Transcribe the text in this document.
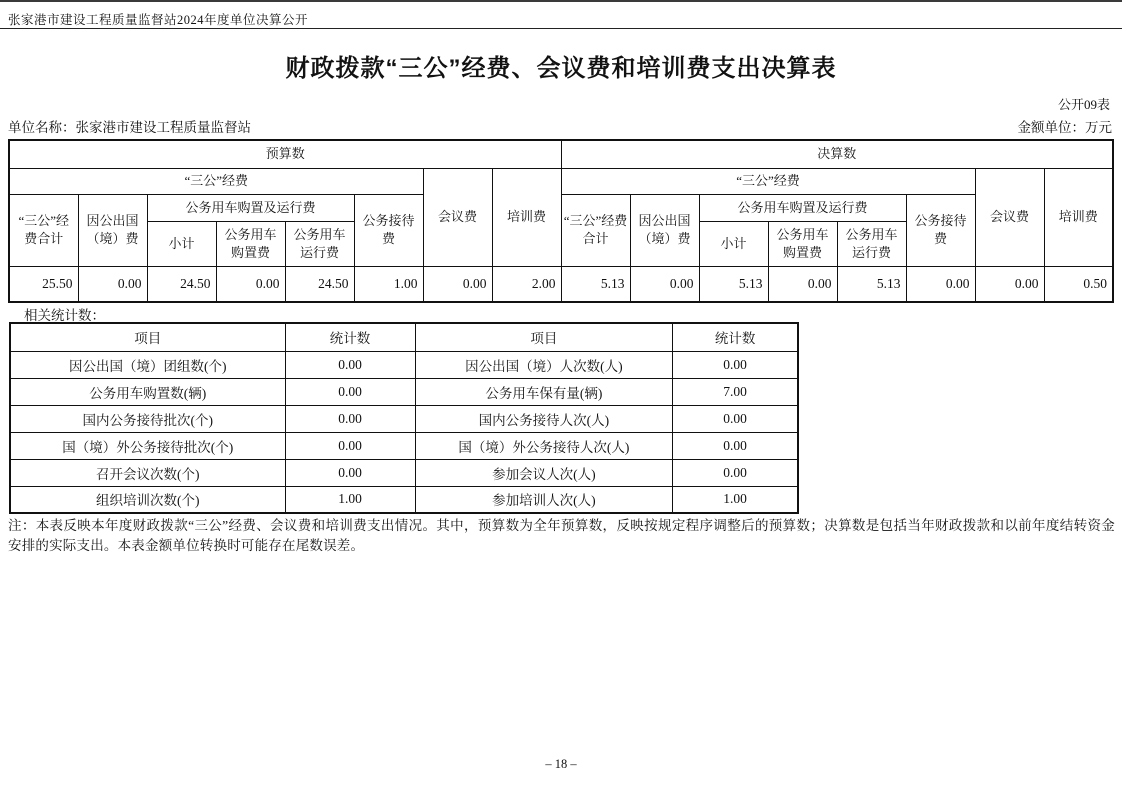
张家港市建设工程质量监督站2024年度单位决算公开
财政拨款“三公”经费、会议费和培训费支出决算表
公开09表
单位名称：张家港市建设工程质量监督站	金额单位：万元
预算数								决算数							
“三公”经费						会议费	培训费	“三公”经费						会议费	培训费
“三公”经费合计	因公出国（境）费	公务用车购置及运行费			公务接待费			“三公”经费合计	因公出国（境）费	公务用车购置及运行费			公务接待费		
		小计	公务用车购置费	公务用车运行费						小计	公务用车购置费	公务用车运行费			
25.50	0.00	24.50	0.00	24.50	1.00	0.00	2.00	5.13	0.00	5.13	0.00	5.13	0.00	0.00	0.50
相关统计数：
项目	统计数	项目	统计数
因公出国（境）团组数(个)	0.00	因公出国（境）人次数(人)	0.00
公务用车购置数(辆)	0.00	公务用车保有量(辆)	7.00
国内公务接待批次(个)	0.00	国内公务接待人次(人)	0.00
国（境）外公务接待批次(个)	0.00	国（境）外公务接待人次(人)	0.00
召开会议次数(个)	0.00	参加会议人次(人)	0.00
组织培训次数(个)	1.00	参加培训人次(人)	1.00

注：本表反映本年度财政拨款“三公”经费、会议费和培训费支出情况。其中，预算数为全年预算数，反映按规定程序调整后的预算数；决算数是包括当年财政拨款和以前年度结转资金安排的实际支出。本表金额单位转换时可能存在尾数误差。

– 18 –
